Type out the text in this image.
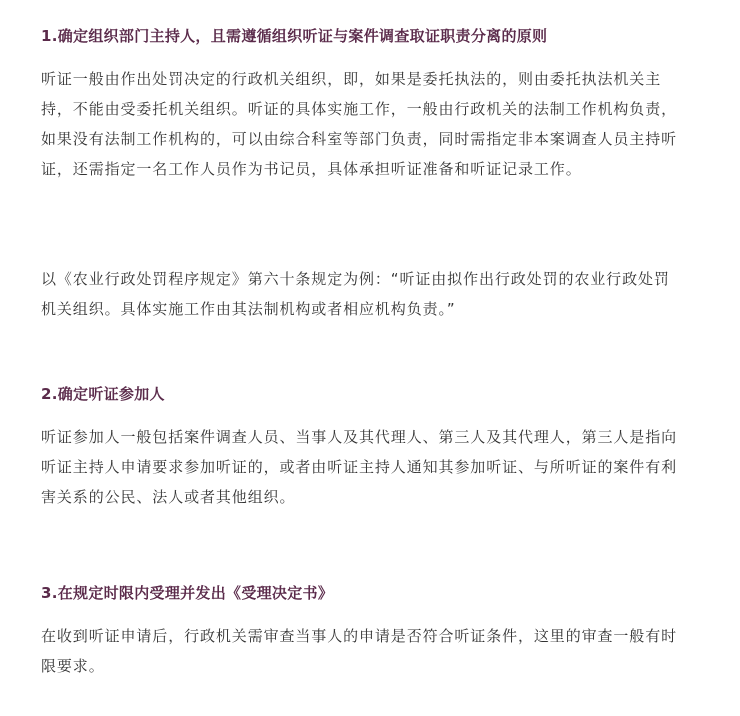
1.确定组织部门主持人，且需遵循组织听证与案件调查取证职责分离的原则
听证一般由作出处罚决定的行政机关组织，即，如果是委托执法的，则由委托执法机关主
持，不能由受委托机关组织。听证的具体实施工作，一般由行政机关的法制工作机构负责，
如果没有法制工作机构的，可以由综合科室等部门负责，同时需指定非本案调查人员主持听
证，还需指定一名工作人员作为书记员，具体承担听证准备和听证记录工作。
以《农业行政处罚程序规定》第六十条规定为例：“听证由拟作出行政处罚的农业行政处罚
机关组织。具体实施工作由其法制机构或者相应机构负责。”
2.确定听证参加人
听证参加人一般包括案件调查人员、当事人及其代理人、第三人及其代理人，第三人是指向
听证主持人申请要求参加听证的，或者由听证主持人通知其参加听证、与所听证的案件有利
害关系的公民、法人或者其他组织。
3.在规定时限内受理并发出《受理决定书》
在收到听证申请后，行政机关需审查当事人的申请是否符合听证条件，这里的审查一般有时
限要求。
